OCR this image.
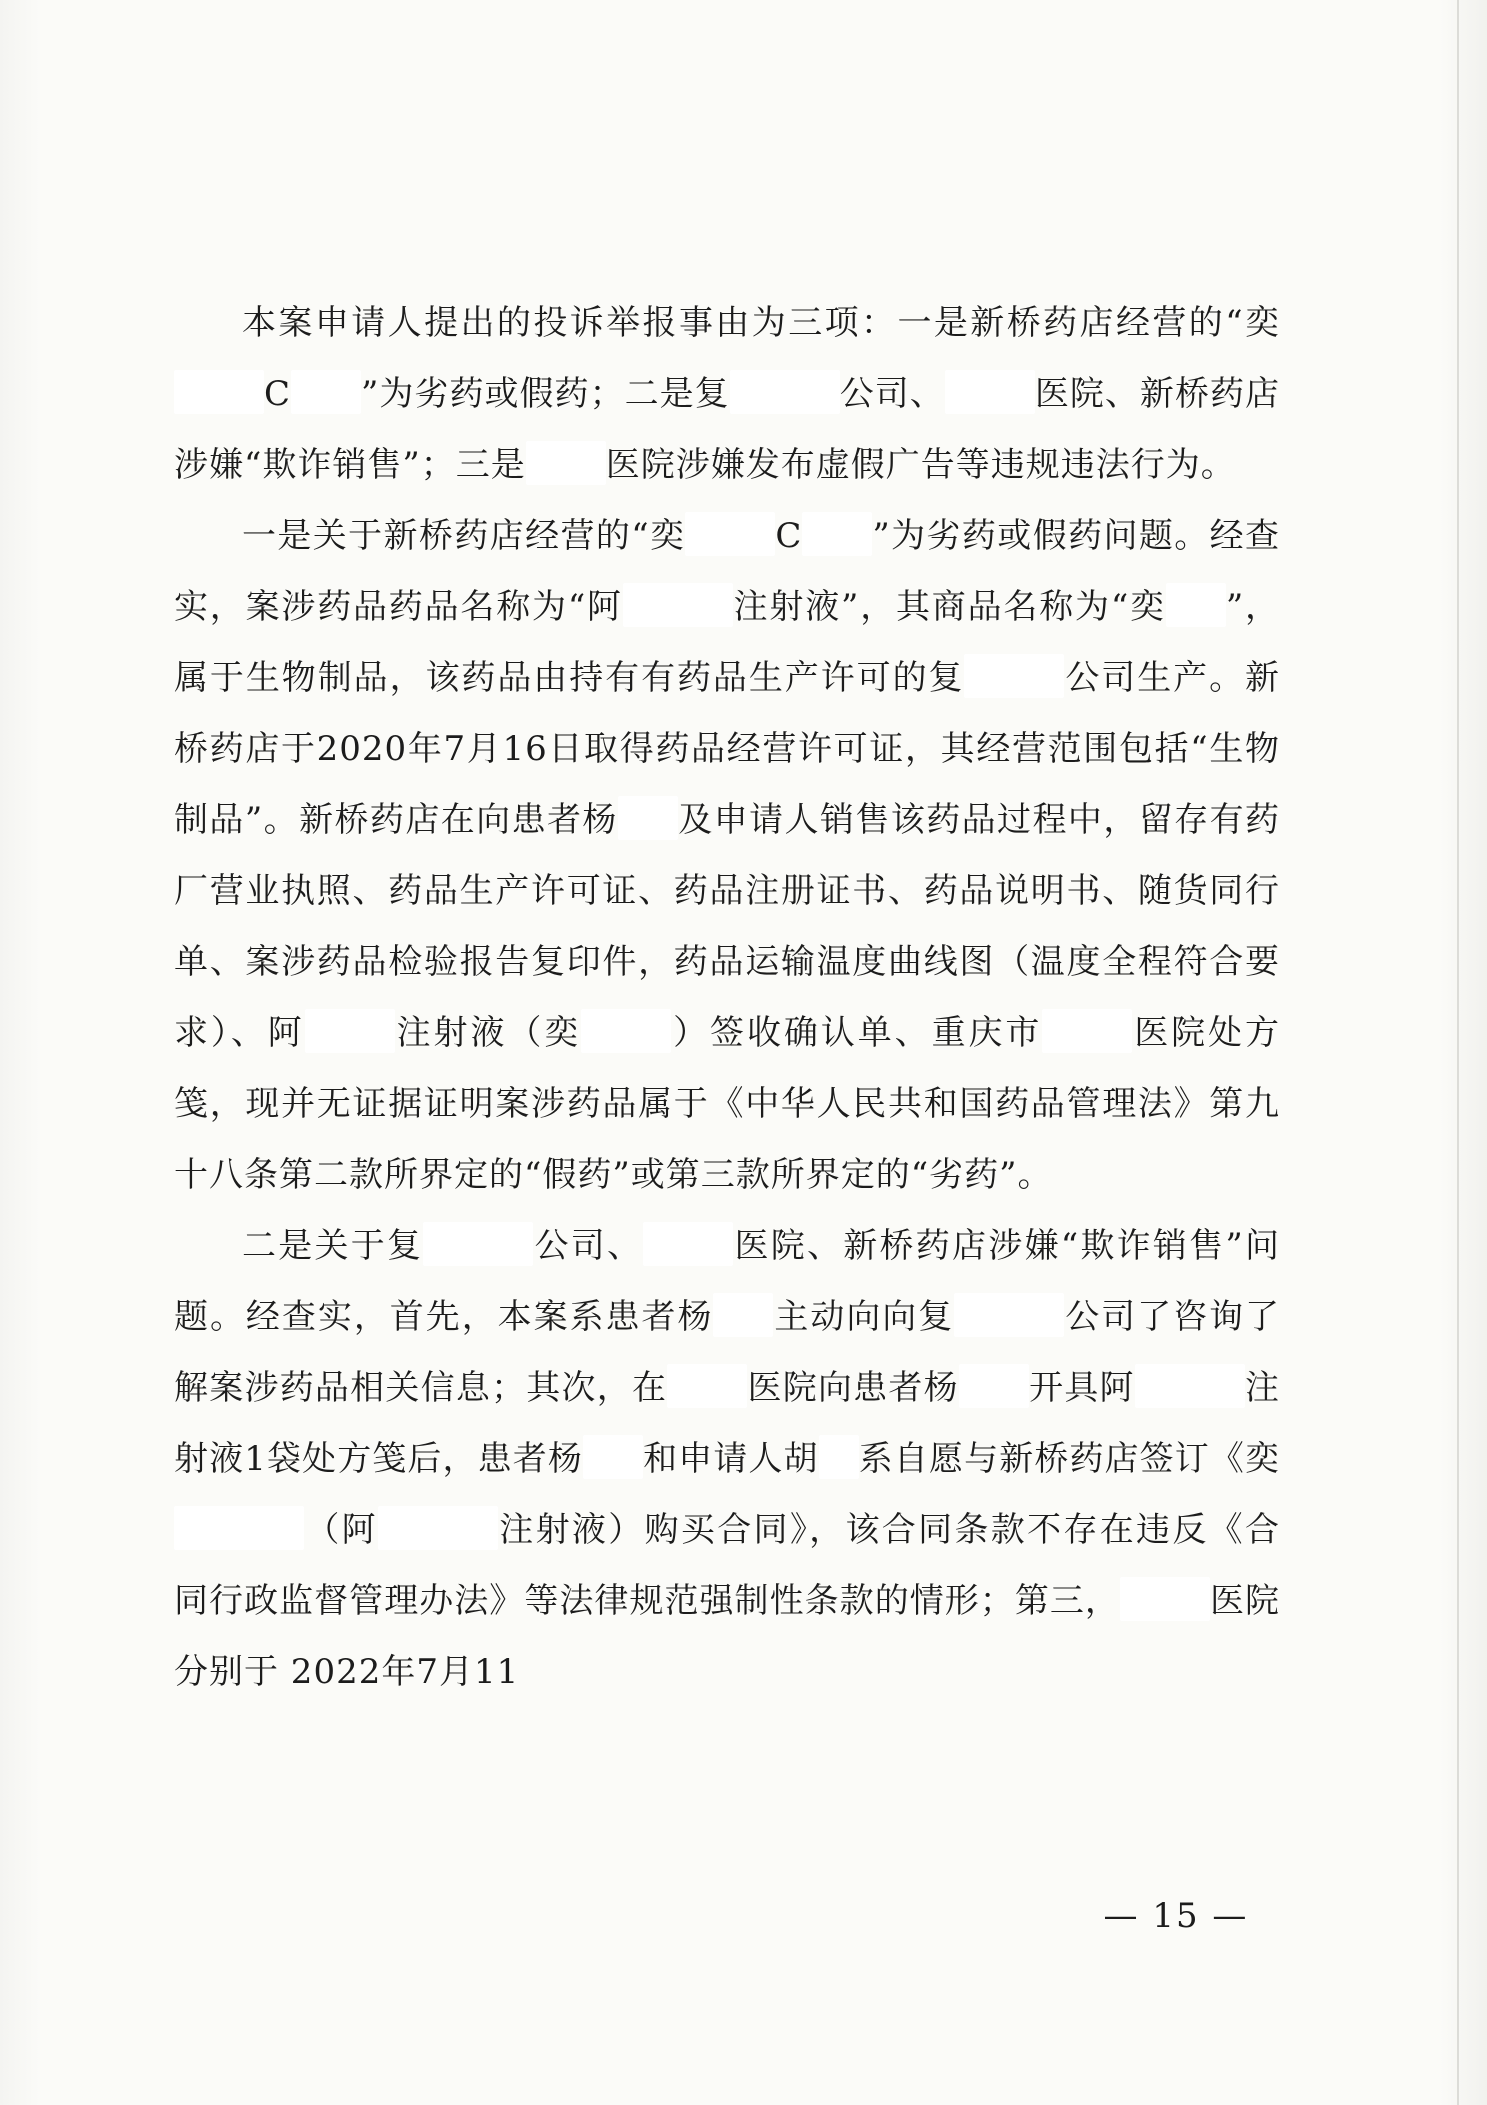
本案申请人提出的投诉举报事由为三项：一是新桥药店经营的“奕C ”为劣药或假药；二是复	公司、	医院、新桥药店涉嫌“欺诈销售”；三是 医院涉嫌发布虚假广告等违规违法行为。

一是关于新桥药店经营的“奕	C ”为劣药或假药问题。经查实，案涉药品药品名称为“阿	注射液”，其商品名称为“奕 ”，属于生物制品，该药品由持有有药品生产许可的复	公司生产。新桥药店于2020年7月16日取得药品经营许可证，其经营范围包括“生物制品”。新桥药店在向患者杨 及申请人销售该药品过程中，留存有药厂营业执照、药品生产许可证、药品注册证书、药品说明书、随货同行单、案涉药品检验报告复印件，药品运输温度曲线图（温度全程符合要求）、阿	注射液（奕	）签收确认单、重庆市	医院处方笺，现并无证据证明案涉药品属于《中华人民共和国药品管理法》第九十八条第二款所界定的“假药”或第三款所界定的“劣药”。

二是关于复	公司、	医院、新桥药店涉嫌“欺诈销售”问题。经查实，首先，本案系患者杨 主动向向复	公司了咨询了解案涉药品相关信息；其次，在 医院向患者杨 开具阿	注射液1袋处方笺后，患者杨 和申请人胡 系自愿与新桥药店签订《奕（阿	注射液）购买合同》，该合同条款不存在违反《合同行政监督管理办法》等法律规范强制性条款的情形；第三，	医院分别于 2022年7月11

— 15 —
